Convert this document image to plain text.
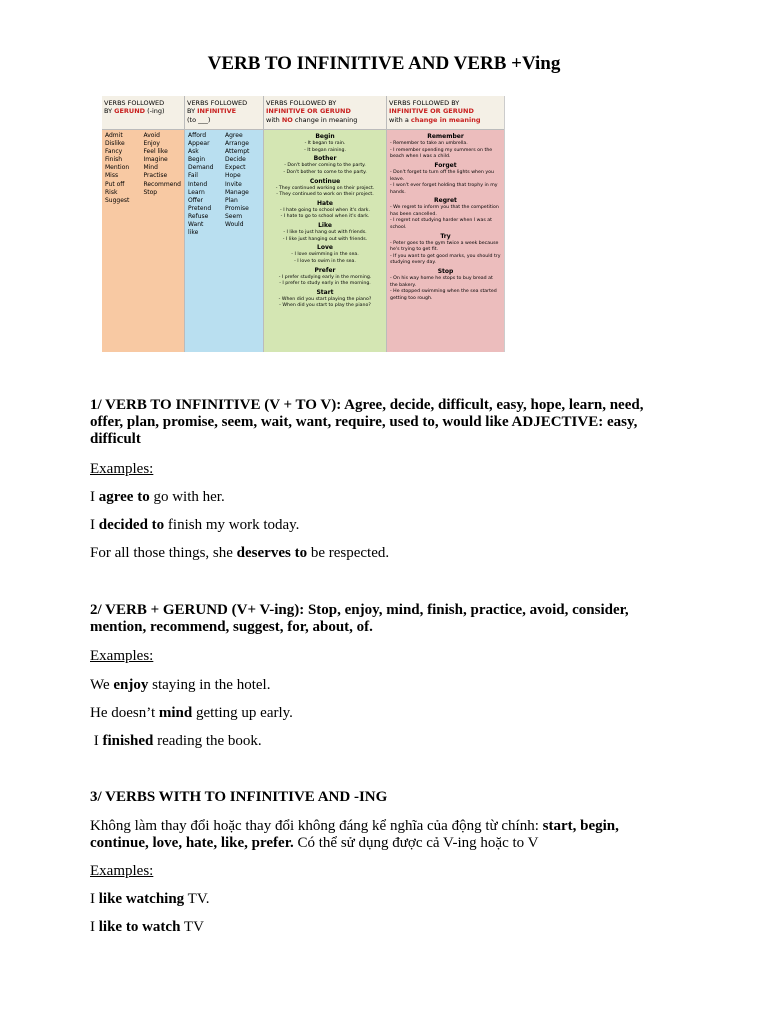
VERB TO INFINITIVE AND VERB +Ving
VERBS FOLLOWED
BY GERUND (-ing)
Admit
Dislike
Fancy
Finish
Mention
Miss
Put off
Risk
Suggest
Avoid
Enjoy
Feel like
Imagine
Mind
Practise
Recommend
Stop
VERBS FOLLOWED
BY INFINITIVE
(to ___)
Afford
Appear
Ask
Begin
Demand
Fail
Intend
Learn
Offer
Pretend
Refuse
Want
like
Agree
Arrange
Attempt
Decide
Expect
Hope
Invite
Manage
Plan
Promise
Seem
Would
VERBS FOLLOWED BY
INFINITIVE OR GERUND
with NO change in meaning
Begin
- It began to rain.
- It began raining.
Bother
- Don't bother coming to the party.
- Don't bother to come to the party.
Continue
- They continued working on their project.
- They continued to work on their project.
Hate
- I hate going to school when it's dark.
- I hate to go to school when it's dark.
Like
- I like to just hang out with friends.
- I like just hanging out with friends.
Love
- I love swimming in the sea.
- I love to swim in the sea.
Prefer
- I prefer studying early in the morning.
- I prefer to study early in the morning.
Start
- When did you start playing the piano?
- When did you start to play the piano?
VERBS FOLLOWED BY
INFINITIVE OR GERUND
with a change in meaning
Remember
- Remember to take an umbrella.
- I remember spending my summers on the beach when I was a child.
Forget
- Don't forget to turn off the lights when you leave.
- I won't ever forget holding that trophy in my hands.
Regret
- We regret to inform you that the competition has been cancelled.
- I regret not studying harder when I was at school.
Try
- Peter goes to the gym twice a week because he's trying to get fit.
- If you want to get good marks, you should try studying every day.
Stop
- On his way home he stops to buy bread at the bakery.
- He stopped swimming when the sea started getting too rough.
1/ VERB TO INFINITIVE (V + TO V): Agree, decide, difficult, easy, hope, learn, need, offer, plan, promise, seem, wait, want, require, used to, would like ADJECTIVE: easy, difficult
Examples:
I agree to go with her.
I decided to finish my work today.
For all those things, she deserves to be respected.
2/ VERB + GERUND (V+ V-ing): Stop, enjoy, mind, finish, practice, avoid, consider, mention, recommend, suggest, for, about, of.
Examples:
We enjoy staying in the hotel.
He doesn’t mind getting up early.
I finished reading the book.
3/ VERBS WITH TO INFINITIVE AND -ING
Không làm thay đổi hoặc thay đổi không đáng kể nghĩa của động từ chính: start, begin, continue, love, hate, like, prefer. Có thể sử dụng được cả V-ing hoặc to V
Examples:
I like watching TV.
I like to watch TV
